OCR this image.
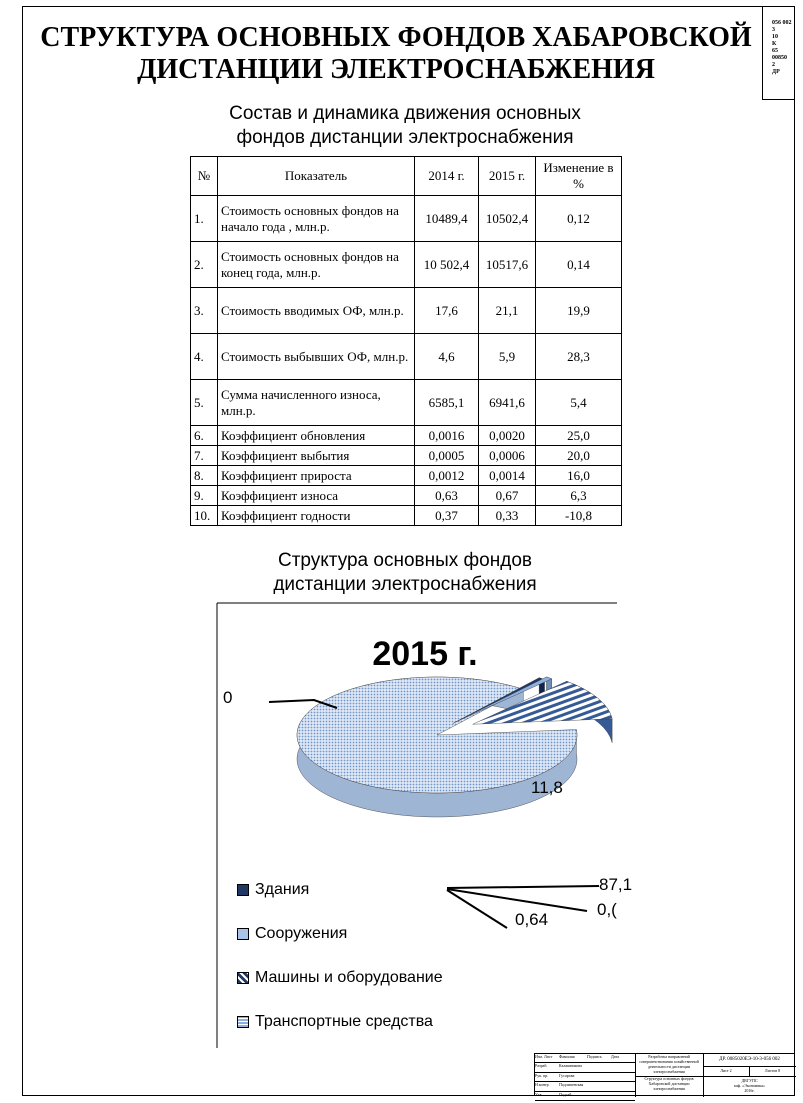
056 002
3
10
К
65
00850
2
ДР
СТРУКТУРА ОСНОВНЫХ ФОНДОВ ХАБАРОВСКОЙ
ДИСТАНЦИИ ЭЛЕКТРОСНАБЖЕНИЯ
Состав и динамика движения основных
фондов дистанции электроснабжения
№	Показатель	2014 г.	2015 г.	Изменение в %
1.	Стоимость основных фондов на начало года , млн.р.	10489,4	10502,4	0,12
2.	Стоимость основных фондов на конец года, млн.р.	10 502,4	10517,6	0,14
3.	Стоимость вводимых ОФ, млн.р.	17,6	21,1	19,9
4.	Стоимость выбывших ОФ, млн.р.	4,6	5,9	28,3
5.	Сумма начисленного износа, млн.р.	6585,1	6941,6	5,4
6.	Коэффициент обновления	0,0016	0,0020	25,0
7.	Коэффициент выбытия	0,0005	0,0006	20,0
8.	Коэффициент прироста	0,0012	0,0014	16,0
9.	Коэффициент износа	0,63	0,67	6,3
10.	Коэффициент годности	0,37	0,33	-10,8
Структура основных фондов
дистанции электроснабжения
2015 г.
0
11,8
87,1
0,(
0,64
Здания
Сооружения
Машины и оборудование
Транспортные средства
Изм. Лист	Фамилия	Подпись	Дата
Разраб.	Калашникова
Рук. пр.	Гусарова
Н.контр	Подлипенская
Утв.	Подгай
Разработка направлений совершенствования хозяйственной деятельности дистанции электроснабжения
ДР. 0085020ЕЭ-10-3-056 002
Лист 2	Листов 8
Структура основных фондов Хабаровской дистанции электроснабжения
ДВГУПС
каф. «Экономика»
2016г.
